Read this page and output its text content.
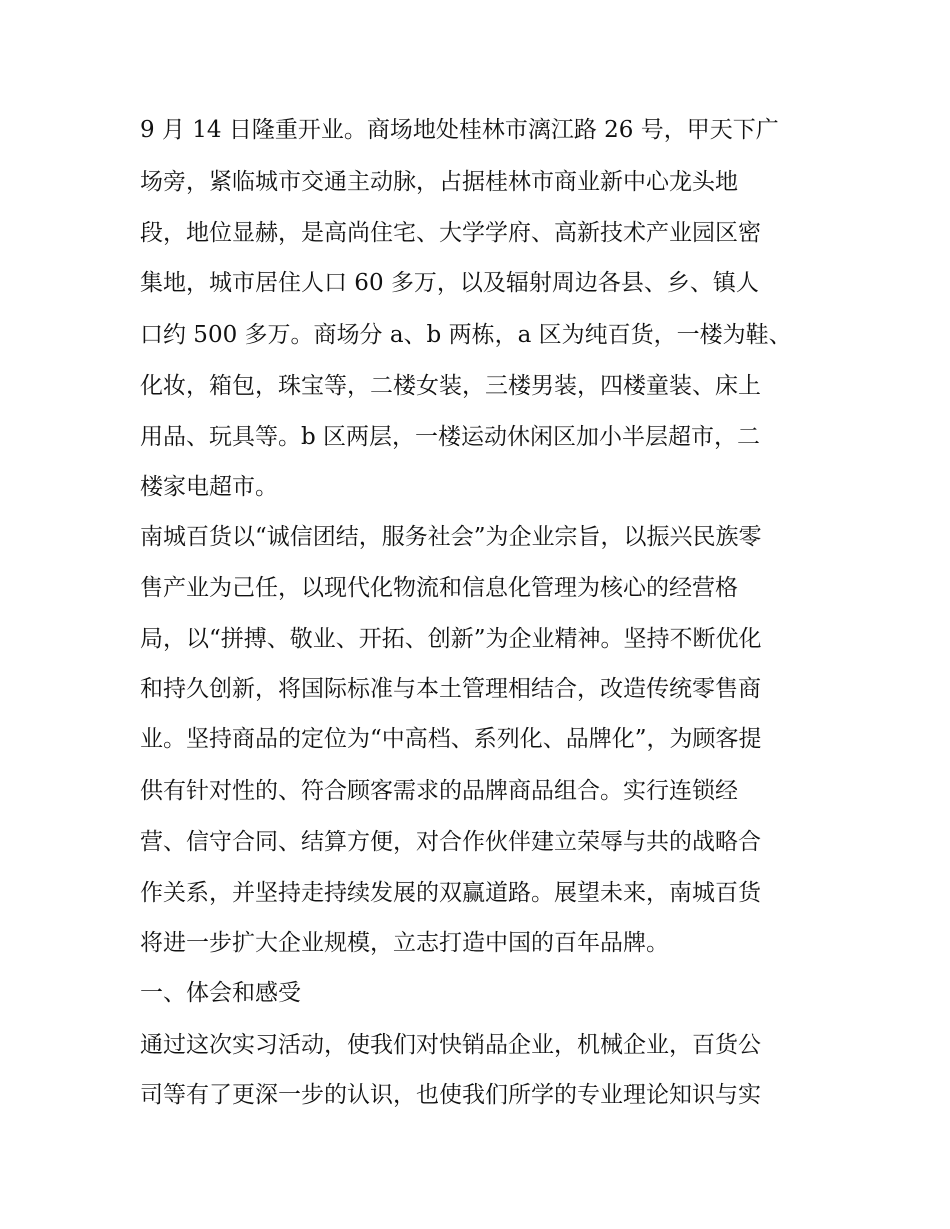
9 月 14 日隆重开业。商场地处桂林市漓江路 26 号，甲天下广

场旁，紧临城市交通主动脉，占据桂林市商业新中心龙头地

段，地位显赫，是高尚住宅、大学学府、高新技术产业园区密

集地，城市居住人口 60 多万，以及辐射周边各县、乡、镇人

口约 500 多万。商场分 a、b 两栋，a 区为纯百货，一楼为鞋、

化妆，箱包，珠宝等，二楼女装，三楼男装，四楼童装、床上

用品、玩具等。b 区两层，一楼运动休闲区加小半层超市，二

楼家电超市。

南城百货以“诚信团结，服务社会”为企业宗旨，以振兴民族零

售产业为己任，以现代化物流和信息化管理为核心的经营格

局，以“拼搏、敬业、开拓、创新”为企业精神。坚持不断优化

和持久创新，将国际标准与本土管理相结合，改造传统零售商

业。坚持商品的定位为“中高档、系列化、品牌化”，为顾客提

供有针对性的、符合顾客需求的品牌商品组合。实行连锁经

营、信守合同、结算方便，对合作伙伴建立荣辱与共的战略合

作关系，并坚持走持续发展的双赢道路。展望未来，南城百货

将进一步扩大企业规模，立志打造中国的百年品牌。

一、体会和感受

通过这次实习活动，使我们对快销品企业，机械企业，百货公

司等有了更深一步的认识，也使我们所学的专业理论知识与实
